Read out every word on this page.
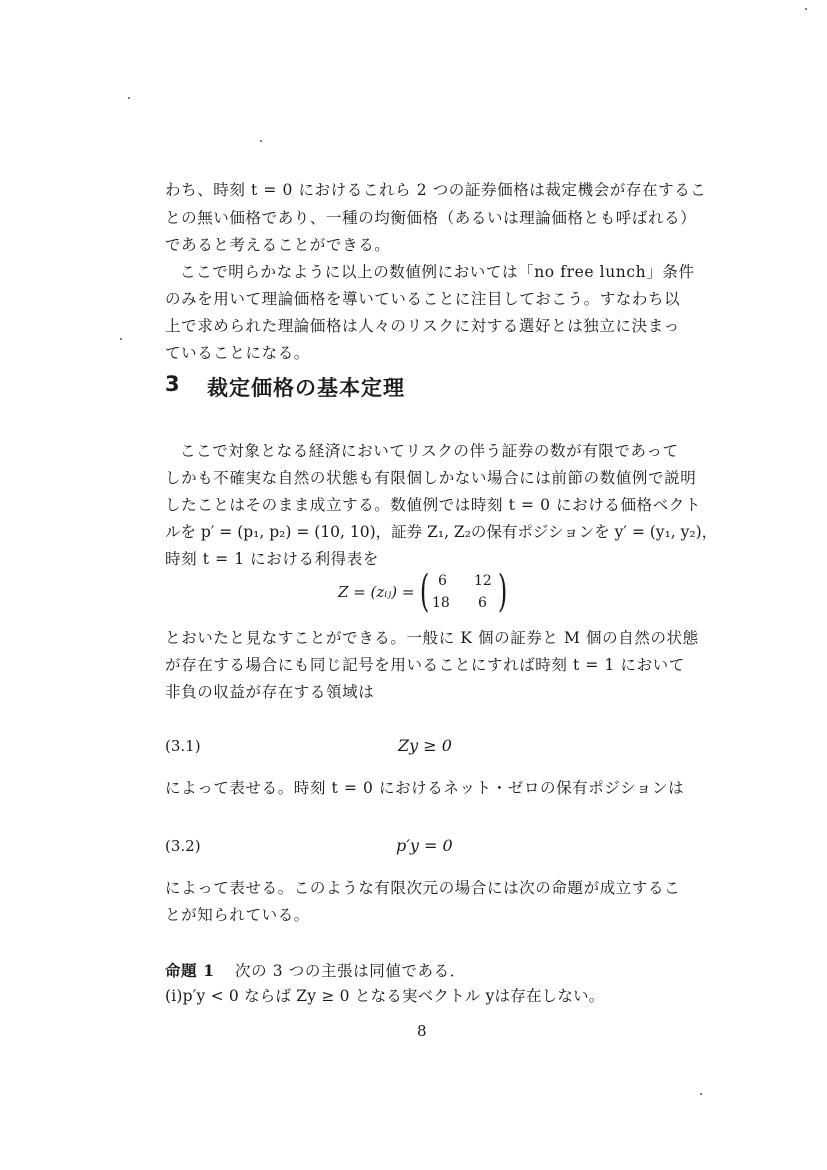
わち、時刻 t = 0 におけるこれら 2 つの証券価格は裁定機会が存在するこ
との無い価格であり、一種の均衡価格（あるいは理論価格とも呼ばれる）
であると考えることができる。
ここで明らかなように以上の数値例においては「no free lunch」条件
のみを用いて理論価格を導いていることに注目しておこう。すなわち以
上で求められた理論価格は人々のリスクに対する選好とは独立に決まっ
ていることになる。
3 裁定価格の基本定理
ここで対象となる経済においてリスクの伴う証券の数が有限であって
しかも不確実な自然の状態も有限個しかない場合には前節の数値例で説明
したことはそのまま成立する。数値例では時刻 t = 0 における価格ベクト
ルを p′ = (p₁, p₂) = (10, 10)，証券 Z₁, Z₂の保有ポジションを y′ = (y₁, y₂)，
時刻 t = 1 における利得表を
Z = (zᵢⱼ) = ( 6 12
18 6 )
とおいたと見なすことができる。一般に K 個の証券と M 個の自然の状態
が存在する場合にも同じ記号を用いることにすれば時刻 t = 1 において
非負の収益が存在する領域は
(3.1)	Zy ≥ 0
によって表せる。時刻 t = 0 におけるネット・ゼロの保有ポジションは
(3.2)	p′y = 0
によって表せる。このような有限次元の場合には次の命題が成立するこ
とが知られている。
命題 1 次の 3 つの主張は同値である．
(i)p′y < 0 ならば Zy ≥ 0 となる実ベクトル yは存在しない。
8
